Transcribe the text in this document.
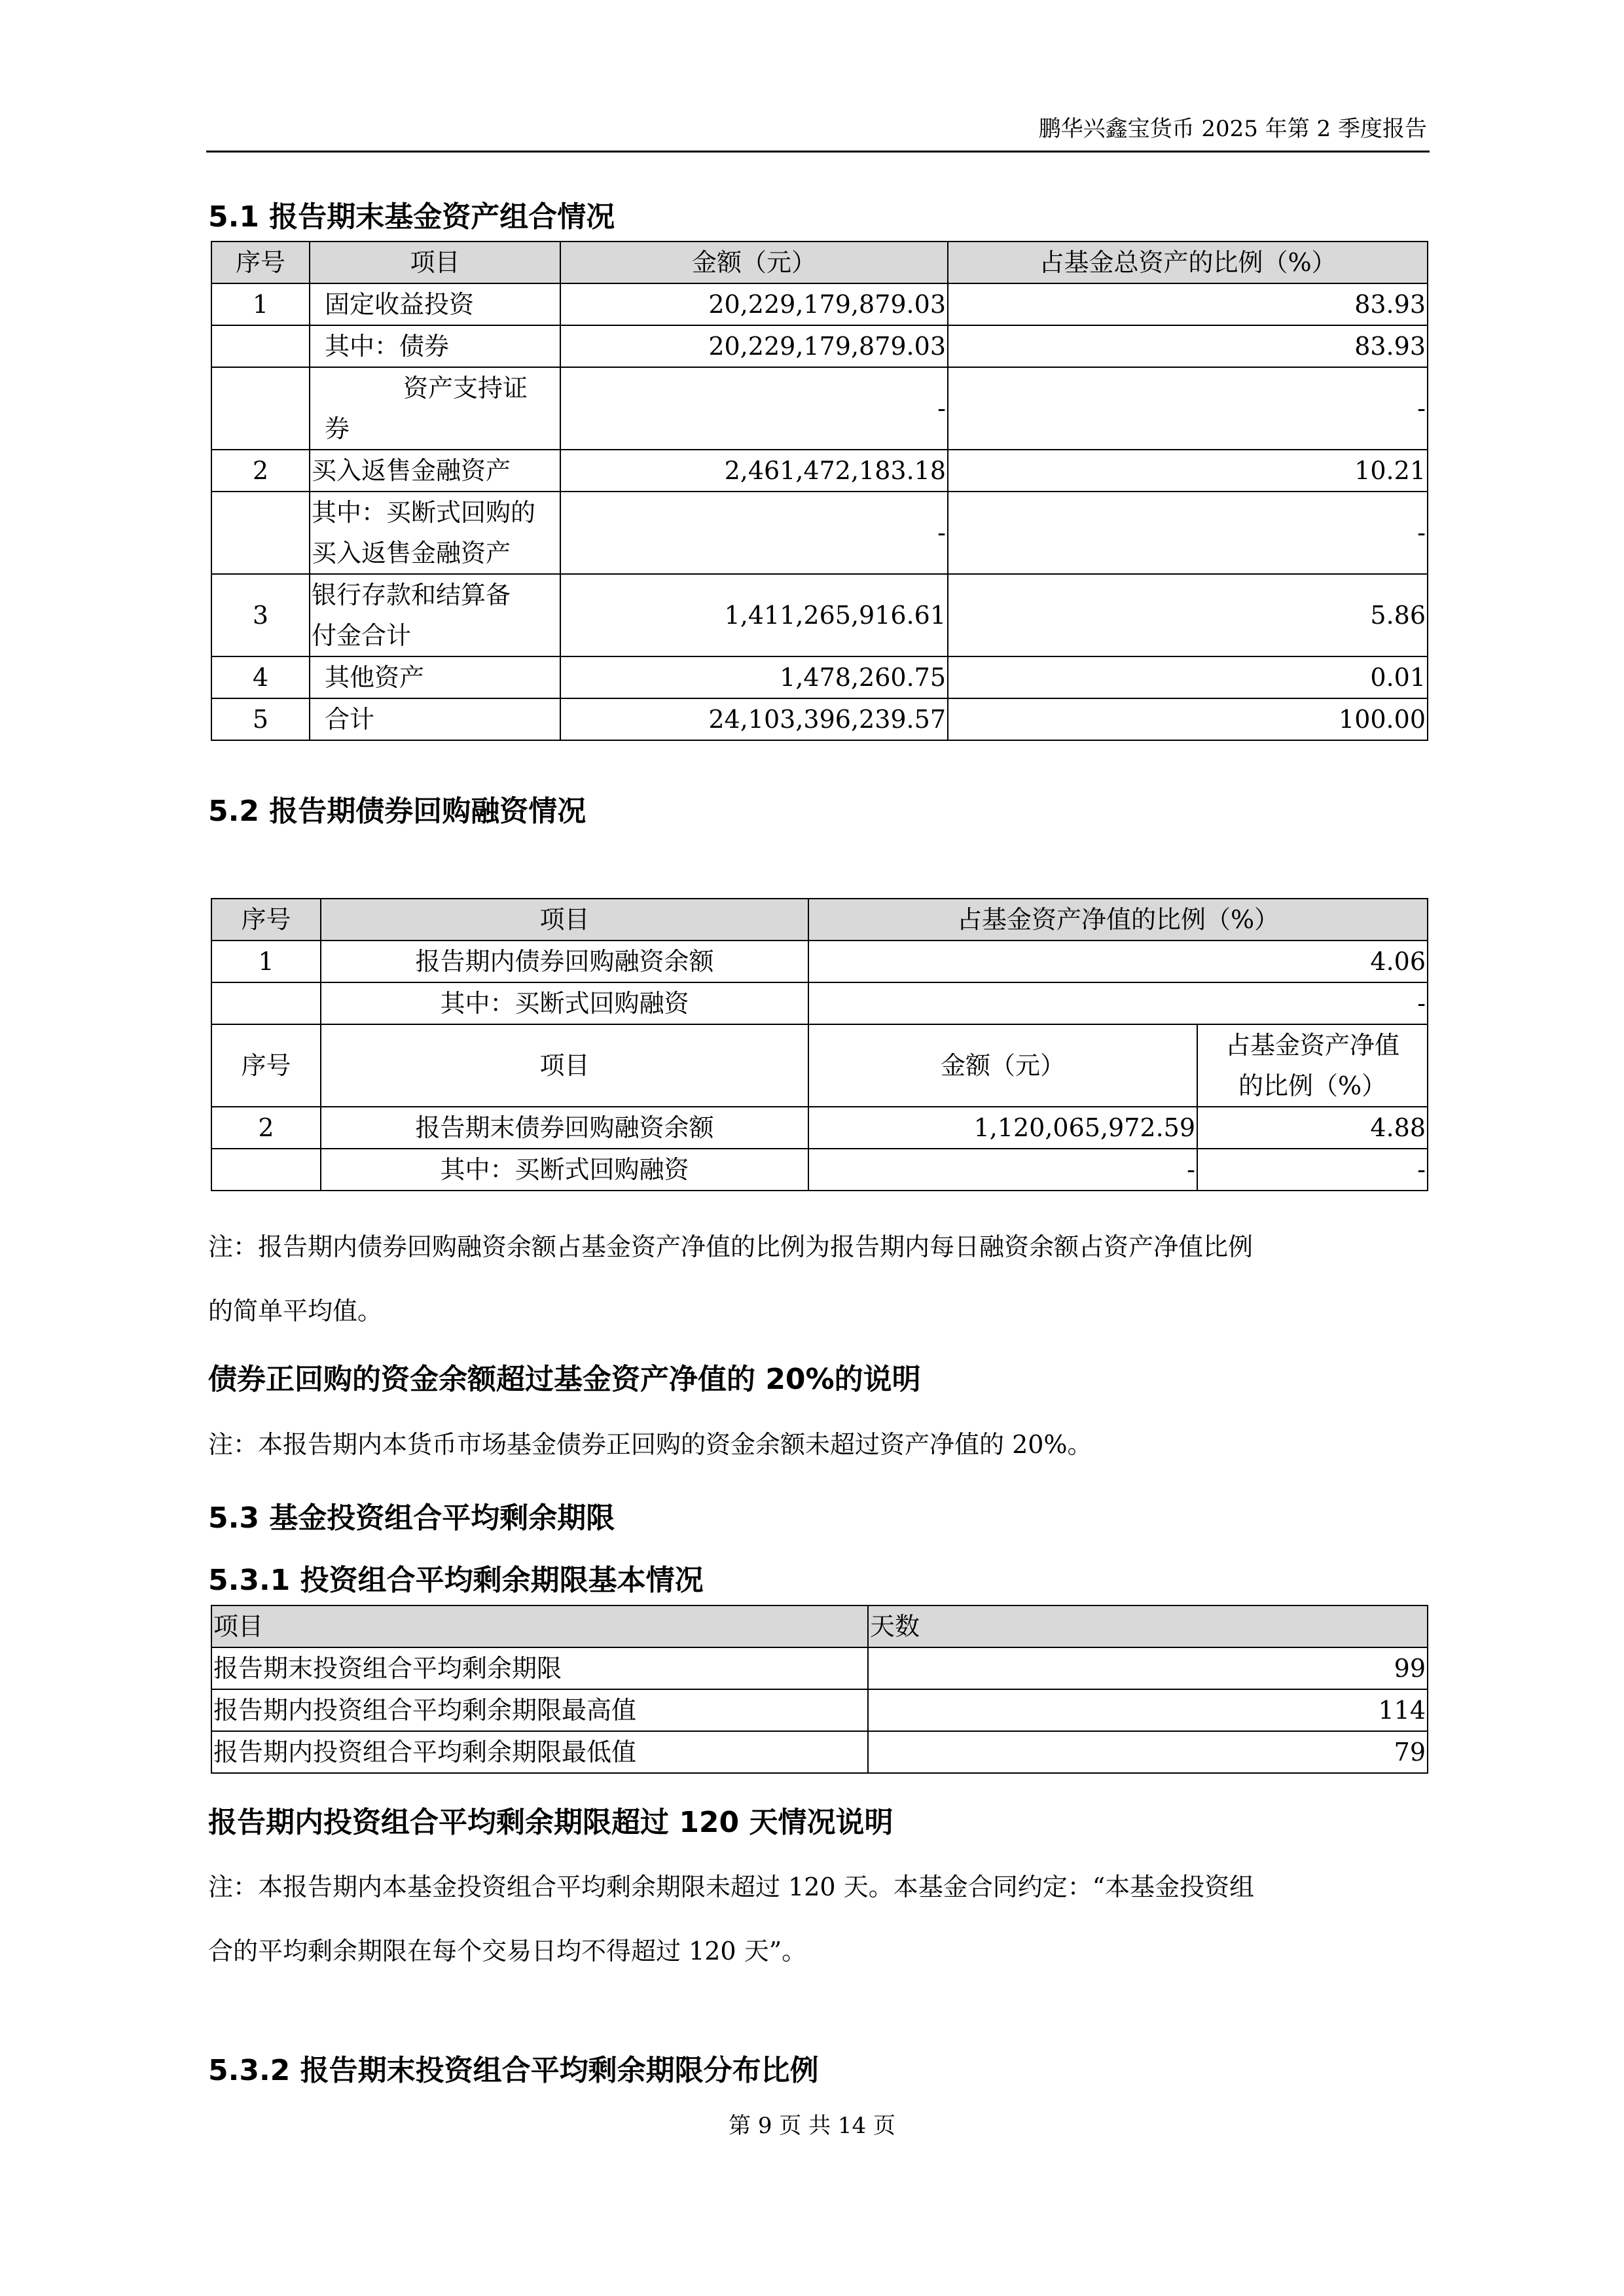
鹏华兴鑫宝货币 2025 年第 2 季度报告
5.1 报告期末基金资产组合情况
序号	项目	金额（元）	占基金总资产的比例（%）
1	固定收益投资	20,229,179,879.03	83.93
	其中：债券	20,229,179,879.03	83.93

	资产支持证
券	-	-
2	买入返售金融资产	2,461,472,183.18	10.21

	其中：买断式回购的
买入返售金融资产	-	-
3	银行存款和结算备
付金合计	1,411,265,916.61	5.86
4	其他资产	1,478,260.75	0.01
5	合计	24,103,396,239.57	100.00
5.2 报告期债券回购融资情况
序号	项目	占基金资产净值的比例（%）	
1	报告期内债券回购融资余额	4.06	
	其中：买断式回购融资	-	
序号	项目	金额（元）	占基金资产净值
的比例（%）

2	报告期末债券回购融资余额	1,120,065,972.59	4.88
	其中：买断式回购融资	-	-
注：报告期内债券回购融资余额占基金资产净值的比例为报告期内每日融资余额占资产净值比例
的简单平均值。
债券正回购的资金余额超过基金资产净值的 20%的说明
注：本报告期内本货币市场基金债券正回购的资金余额未超过资产净值的 20%。
5.3 基金投资组合平均剩余期限
5.3.1 投资组合平均剩余期限基本情况
项目	天数
报告期末投资组合平均剩余期限	99
报告期内投资组合平均剩余期限最高值	114
报告期内投资组合平均剩余期限最低值	79
报告期内投资组合平均剩余期限超过 120 天情况说明
注：本报告期内本基金投资组合平均剩余期限未超过 120 天。本基金合同约定：“本基金投资组
合的平均剩余期限在每个交易日均不得超过 120 天”。
5.3.2 报告期末投资组合平均剩余期限分布比例
第 9 页 共 14 页
